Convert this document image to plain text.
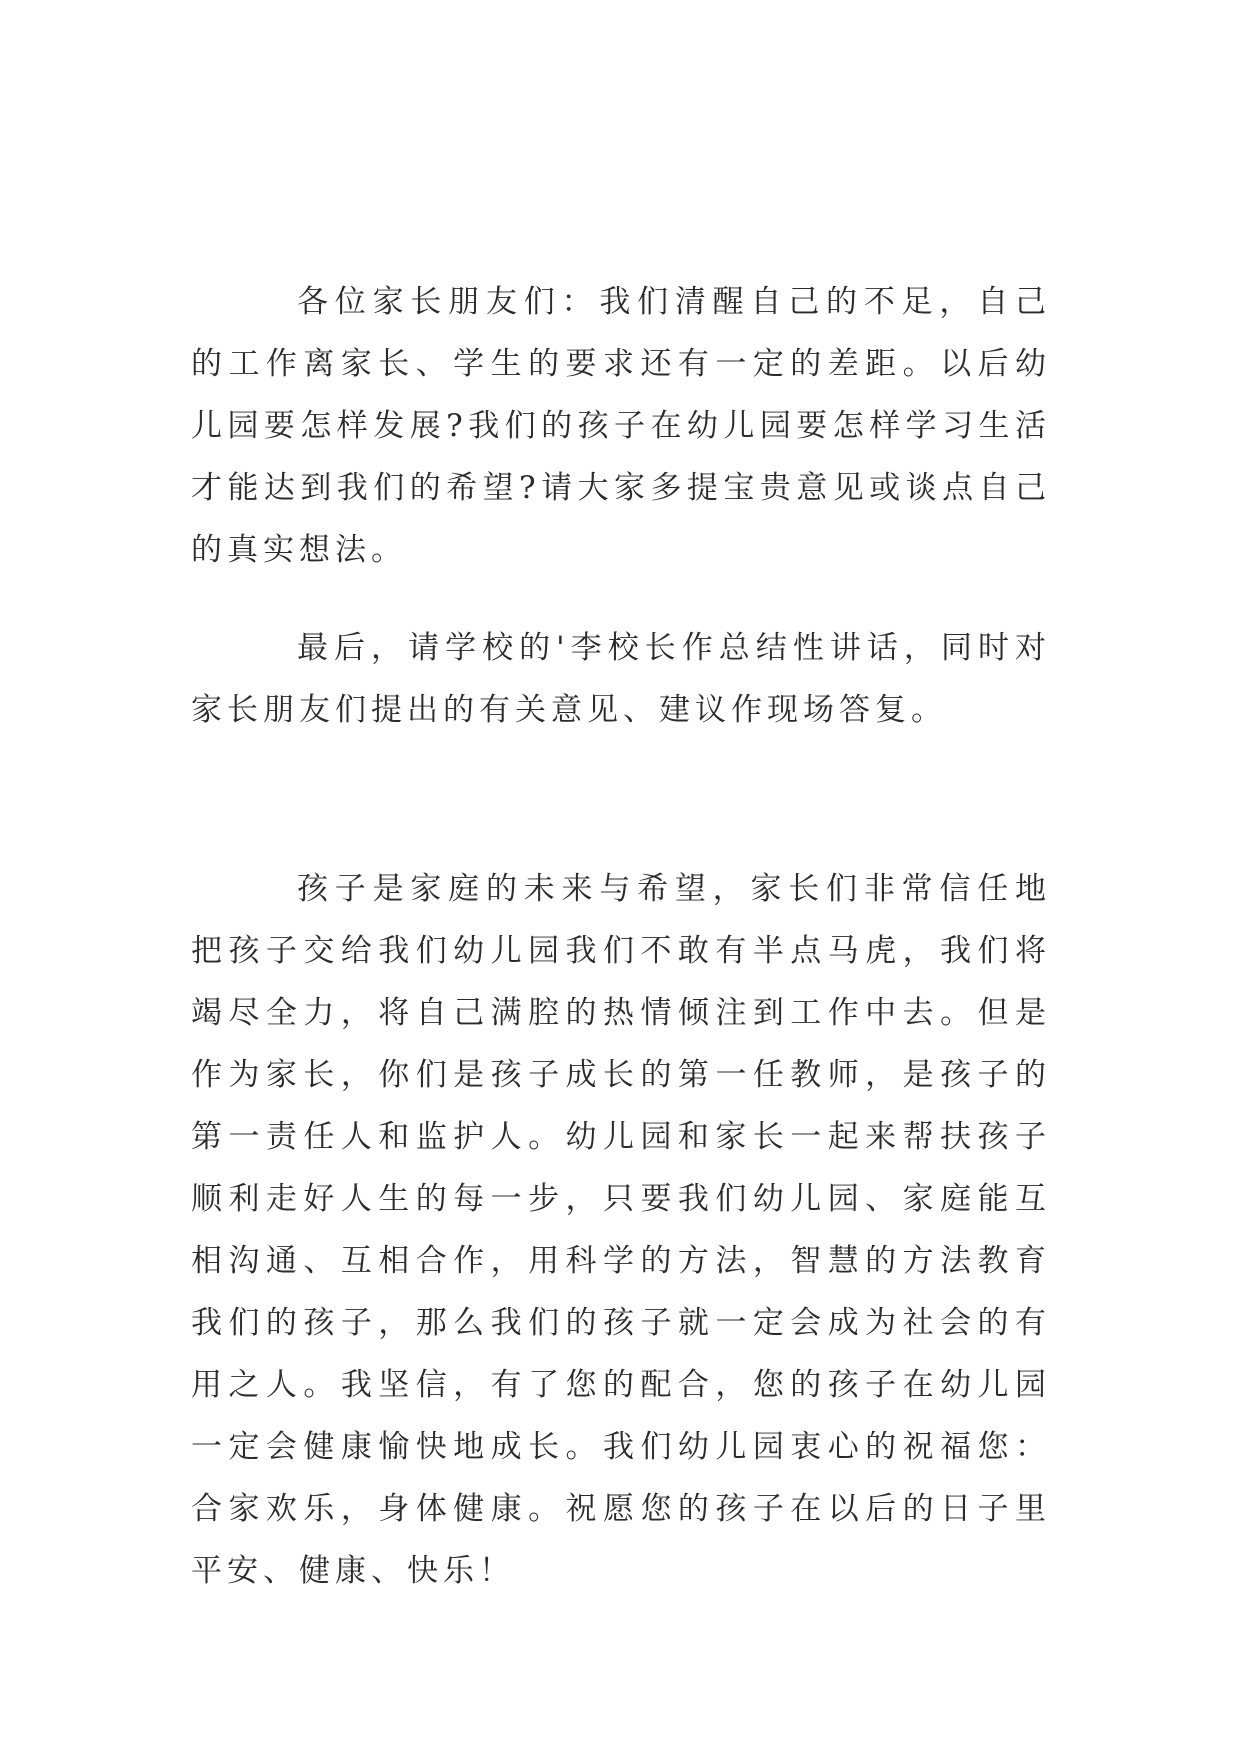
各位家长朋友们：我们清醒自己的不足，自己的工作离家长、学生的要求还有一定的差距。以后幼儿园要怎样发展?我们的孩子在幼儿园要怎样学习生活才能达到我们的希望?请大家多提宝贵意见或谈点自己的真实想法。

最后，请学校的'李校长作总结性讲话，同时对家长朋友们提出的有关意见、建议作现场答复。

孩子是家庭的未来与希望，家长们非常信任地把孩子交给我们幼儿园我们不敢有半点马虎，我们将竭尽全力，将自己满腔的热情倾注到工作中去。但是作为家长，你们是孩子成长的第一任教师，是孩子的第一责任人和监护人。幼儿园和家长一起来帮扶孩子顺利走好人生的每一步，只要我们幼儿园、家庭能互相沟通、互相合作，用科学的方法，智慧的方法教育我们的孩子，那么我们的孩子就一定会成为社会的有用之人。我坚信，有了您的配合，您的孩子在幼儿园一定会健康愉快地成长。我们幼儿园衷心的祝福您：合家欢乐，身体健康。祝愿您的孩子在以后的日子里平安、健康、快乐！
